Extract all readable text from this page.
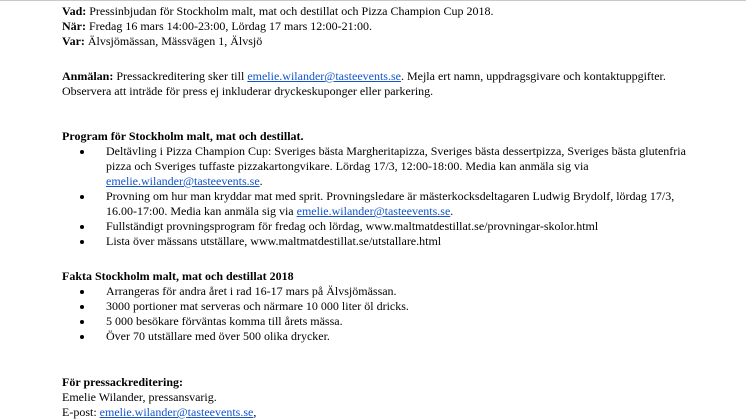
Vad: Pressinbjudan för Stockholm malt, mat och destillat och Pizza Champion Cup 2018.
När: Fredag 16 mars 14:00-23:00, Lördag 17 mars 12:00-21:00.
Var: Älvsjömässan, Mässvägen 1, Älvsjö
Anmälan: Pressackreditering sker till emelie.wilander@tasteevents.se. Mejla ert namn, uppdragsgivare och kontaktuppgifter. Observera att inträde för press ej inkluderar dryckeskuponger eller parkering.
Program för Stockholm malt, mat och destillat.
• Deltävling i Pizza Champion Cup: Sveriges bästa Margheritapizza, Sveriges bästa dessertpizza, Sveriges bästa glutenfria pizza och Sveriges tuffaste pizzakartongvikare. Lördag 17/3, 12:00-18:00. Media kan anmäla sig via emelie.wilander@tasteevents.se.
• Provning om hur man kryddar mat med sprit. Provningsledare är mästerkocksdeltagaren Ludwig Brydolf, lördag 17/3, 16.00-17:00. Media kan anmäla sig via emelie.wilander@tasteevents.se.
• Fullständigt provningsprogram för fredag och lördag, www.maltmatdestillat.se/provningar-skolor.html
• Lista över mässans utställare, www.maltmatdestillat.se/utstallare.html
Fakta Stockholm malt, mat och destillat 2018
• Arrangeras för andra året i rad 16-17 mars på Älvsjömässan.
• 3000 portioner mat serveras och närmare 10 000 liter öl dricks.
• 5 000 besökare förväntas komma till årets mässa.
• Över 70 utställare med över 500 olika drycker.
För pressackreditering:
Emelie Wilander, pressansvarig.
E-post: emelie.wilander@tasteevents.se,
